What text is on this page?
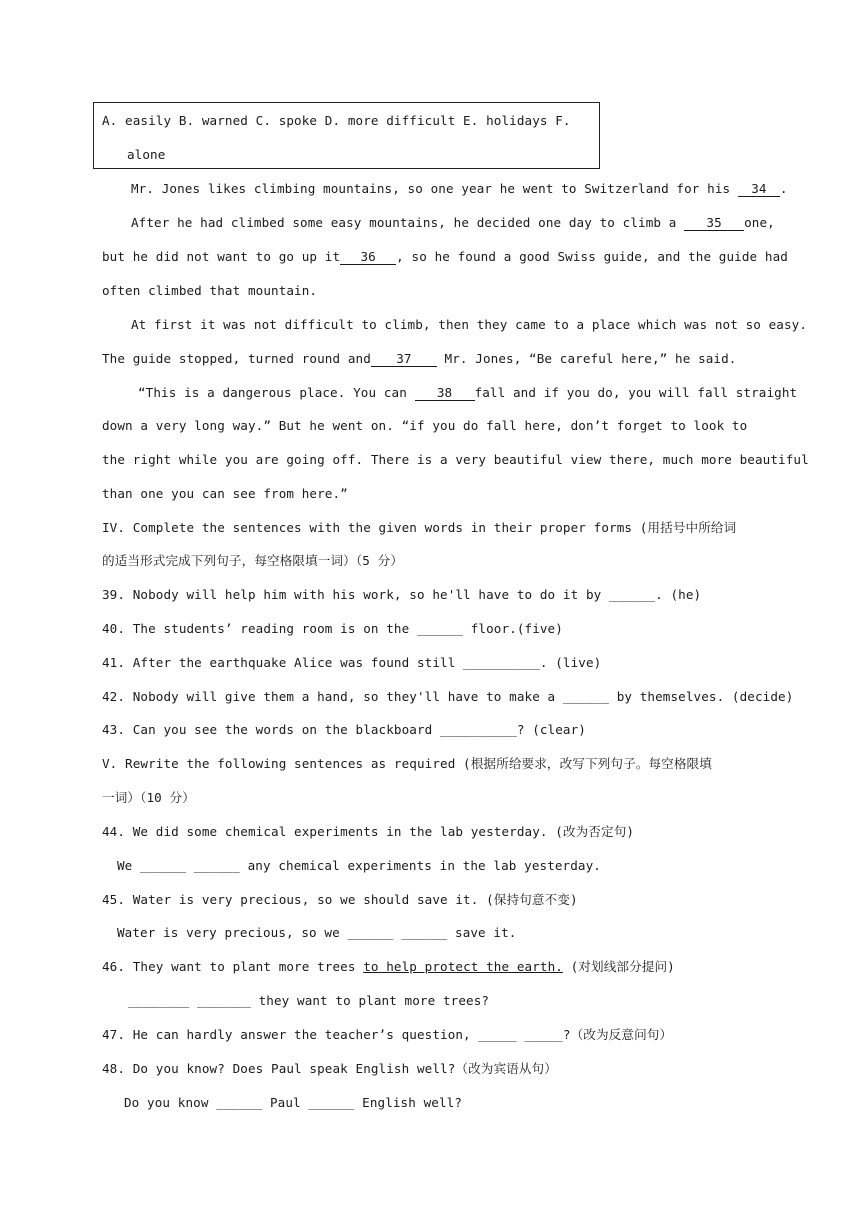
A. easily B. warned C. spoke D. more difficult E. holidays F.
alone
Mr. Jones likes climbing mountains, so one year he went to Switzerland for his 34 .
After he had climbed some easy mountains, he decided one day to climb a 35 one,
but he did not want to go up it 36 , so he found a good Swiss guide, and the guide had
often climbed that mountain.
At first it was not difficult to climb, then they came to a place which was not so easy.
The guide stopped, turned round and 37 Mr. Jones, “Be careful here,” he said.
“This is a dangerous place. You can 38 fall and if you do, you will fall straight
down a very long way.” But he went on. “if you do fall here, don’t forget to look to
the right while you are going off. There is a very beautiful view there, much more beautiful
than one you can see from here.”
IV. Complete the sentences with the given words in their proper forms (用括号中所给词
的适当形式完成下列句子，每空格限填一词）（5 分）
39. Nobody will help him with his work, so he'll have to do it by ______. (he)
40. The students’ reading room is on the ______ floor.(five)
41. After the earthquake Alice was found still __________. (live)
42. Nobody will give them a hand, so they'll have to make a ______ by themselves. (decide)
43. Can you see the words on the blackboard __________? (clear)
V. Rewrite the following sentences as required (根据所给要求，改写下列句子。每空格限填
一词）（10 分）
44. We did some chemical experiments in the lab yesterday. (改为否定句)
We ______ ______ any chemical experiments in the lab yesterday.
45. Water is very precious, so we should save it. (保持句意不变)
Water is very precious, so we ______ ______ save it.
46. They want to plant more trees to help protect the earth. (对划线部分提问)
________ _______ they want to plant more trees?
47. He can hardly answer the teacher’s question, _____ _____?（改为反意问句）
48. Do you know? Does Paul speak English well?（改为宾语从句）
Do you know ______ Paul ______ English well?
